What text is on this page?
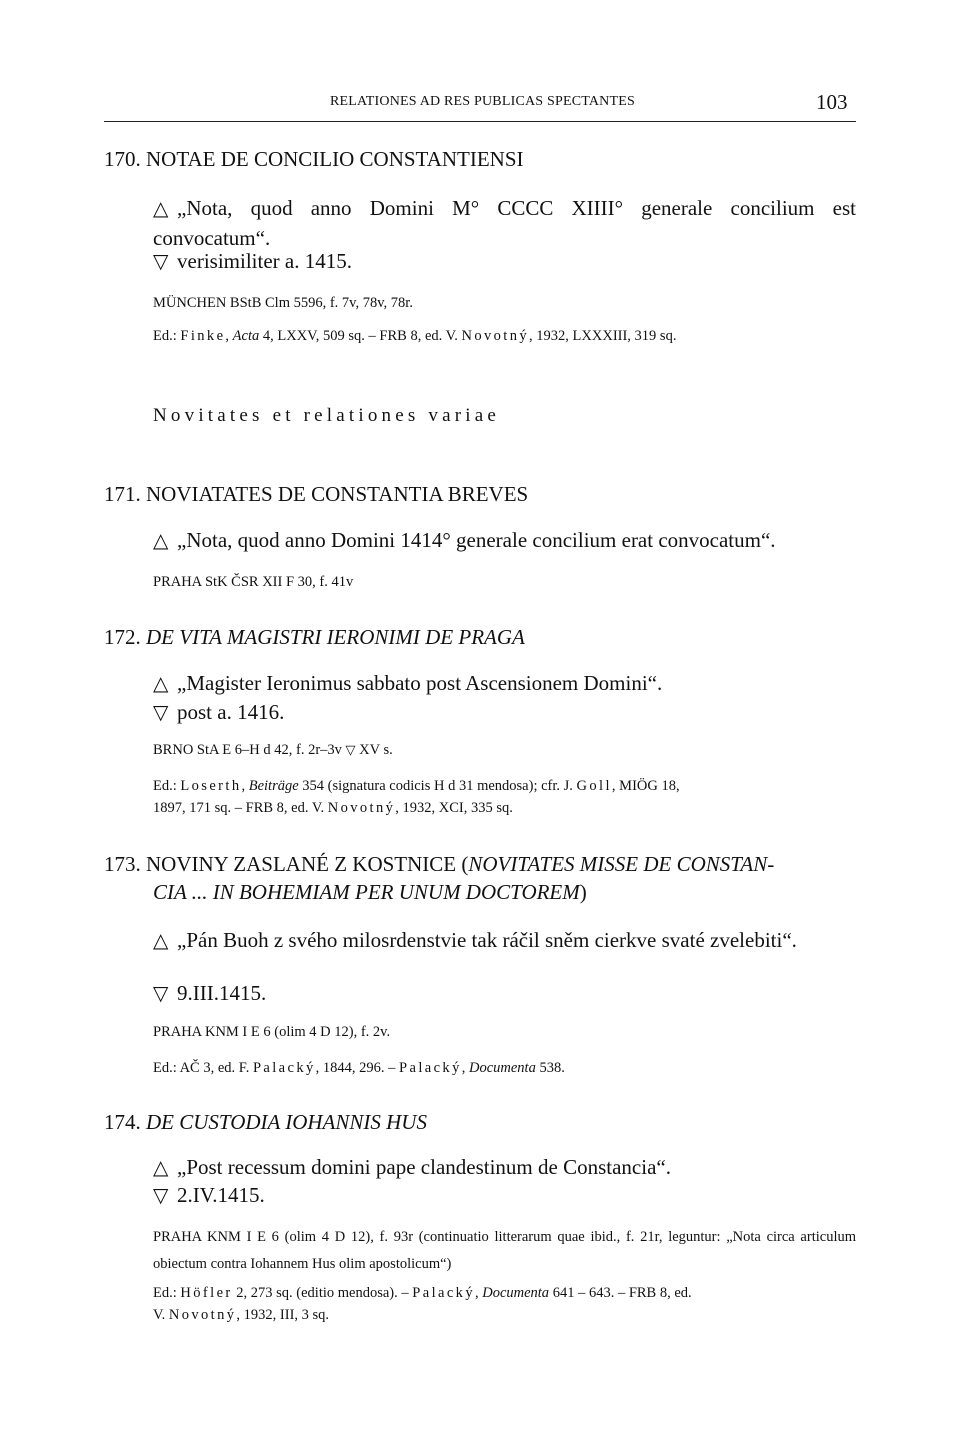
RELATIONES AD RES PUBLICAS SPECTANTES	103
170. NOTAE DE CONCILIO CONSTANTIENSI
△ „Nota, quod anno Domini M° CCCC XIIII° generale concilium est convocatum“.
▽ verisimiliter a. 1415.
MÜNCHEN BStB Clm 5596, f. 7v, 78v, 78r.
Ed.: Finke, Acta 4, LXXV, 509 sq. – FRB 8, ed. V. Novotný, 1932, LXXXIII, 319 sq.
Novitates et relationes variae
171. NOVIATATES DE CONSTANTIA BREVES
△ „Nota, quod anno Domini 1414° generale concilium erat convocatum“.
PRAHA StK ČSR XII F 30, f. 41v
172. DE VITA MAGISTRI IERONIMI DE PRAGA
△ „Magister Ieronimus sabbato post Ascensionem Domini“.
▽ post a. 1416.
BRNO StA E 6–H d 42, f. 2r–3v ▽ XV s.
Ed.: Loserth, Beiträge 354 (signatura codicis H d 31 mendosa); cfr. J. Goll, MIÖG 18,
1897, 171 sq. – FRB 8, ed. V. Novotný, 1932, XCI, 335 sq.
173. NOVINY ZASLANÉ Z KOSTNICE (NOVITATES MISSE DE CONSTAN-
CIA ... IN BOHEMIAM PER UNUM DOCTOREM)
△ „Pán Buoh z svého milosrdenstvie tak ráčil sněm cierkve svaté zvelebiti“.
▽ 9.III.1415.
PRAHA KNM I E 6 (olim 4 D 12), f. 2v.
Ed.: AČ 3, ed. F. Palacký, 1844, 296. – Palacký, Documenta 538.
174. DE CUSTODIA IOHANNIS HUS
△ „Post recessum domini pape clandestinum de Constancia“.
▽ 2.IV.1415.
PRAHA KNM I E 6 (olim 4 D 12), f. 93r (continuatio litterarum quae ibid., f. 21r, leguntur: „Nota circa articulum obiectum contra Iohannem Hus olim apostolicum“)
Ed.: Höfler 2, 273 sq. (editio mendosa). – Palacký, Documenta 641 – 643. – FRB 8, ed.
V. Novotný, 1932, III, 3 sq.
